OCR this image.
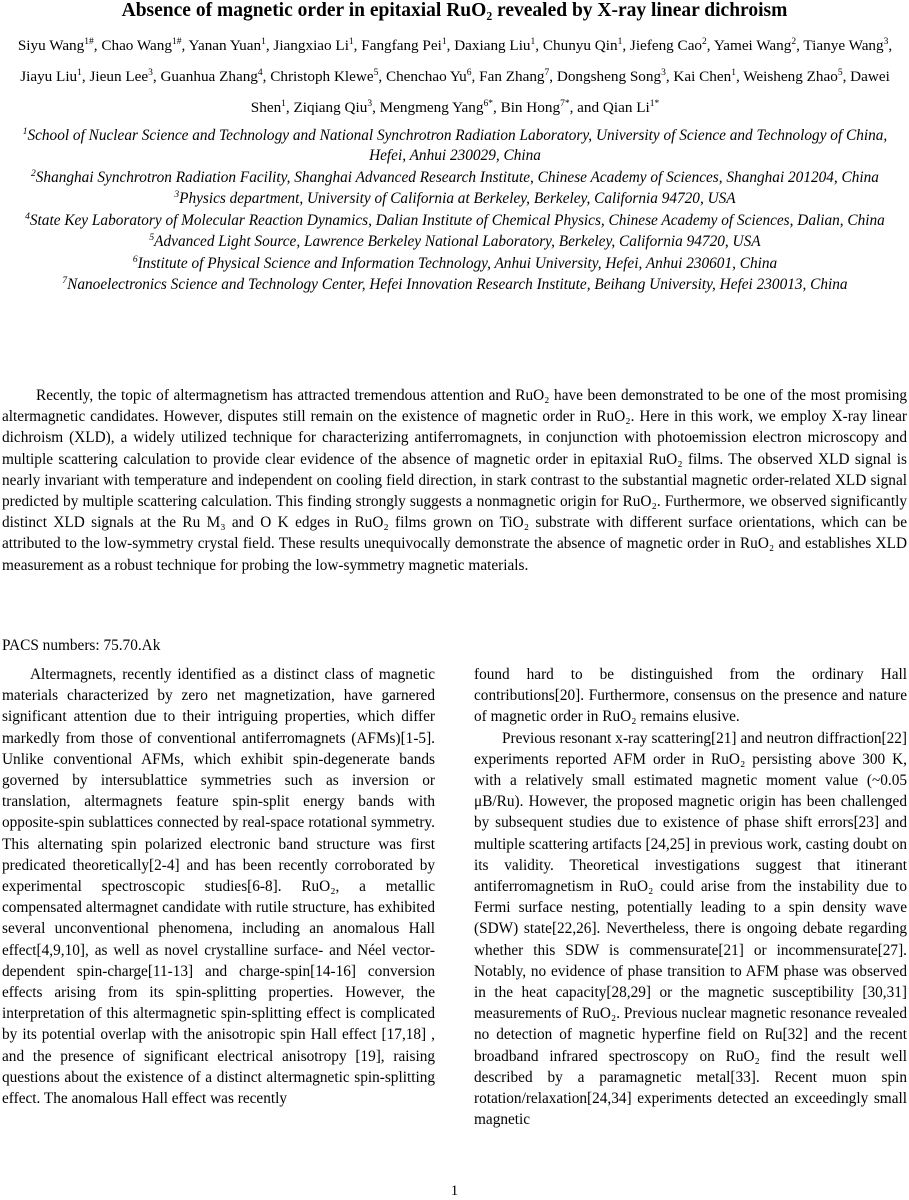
Absence of magnetic order in epitaxial RuO₂ revealed by X-ray linear dichroism
Siyu Wang$^{1\#}$, Chao Wang$^{1\#}$, Yanan Yuan$^1$, Jiangxiao Li$^1$, Fangfang Pei$^1$, Daxiang Liu$^1$, Chunyu Qin$^1$, Jiefeng Cao$^2$, Yamei Wang$^2$, Tianye Wang$^3$, Jiayu Liu$^1$, Jieun Lee$^3$, Guanhua Zhang$^4$, Christoph Klewe$^5$, Chenchao Yu$^6$, Fan Zhang$^7$, Dongsheng Song$^3$, Kai Chen$^1$, Weisheng Zhao$^5$, Dawei Shen$^1$, Ziqiang Qiu$^3$, Mengmeng Yang$^{6*}$, Bin Hong$^{7*}$, and Qian $Li^{1*}$

$^1$School of Nuclear Science and Technology and National Synchrotron Radiation Laboratory, University of Science and Technology of China, Hefei, Anhui 230029, China

$^2$Shanghai Synchrotron Radiation Facility, Shanghai Advanced Research Institute, Chinese Academy of Sciences, Shanghai 201204, China

$^3$Physics department, University of California at Berkeley, Berkeley, California 94720, USA

$^4$State Key Laboratory of Molecular Reaction Dynamics, Dalian Institute of Chemical Physics, Chinese Academy of Sciences, Dalian, China

$^5$Advanced Light Source, Lawrence Berkeley National Laboratory, Berkeley, California 94720, USA

$^6$Institute of Physical Science and Information Technology, Anhui University, Hefei, Anhui 230601, China

$^7$Nanoelectronics Science and Technology Center, Hefei Innovation Research Institute, Beihang University, Hefei 230013, China

Recently, the topic of altermagnetism has attracted tremendous attention and RuO₂ have been demonstrated to be one of the most promising altermagnetic candidates. However, disputes still remain on the existence of magnetic order in RuO₂. Here in this work, we employ X-ray linear dichroism (XLD), a widely utilized technique for characterizing antiferromagnets, in conjunction with photoemission electron microscopy and multiple scattering calculation to provide clear evidence of the absence of magnetic order in epitaxial RuO₂ films. The observed XLD signal is nearly invariant with temperature and independent on cooling field direction, in stark contrast to the substantial magnetic order-related XLD signal predicted by multiple scattering calculation. This finding strongly suggests a nonmagnetic origin for RuO₂. Furthermore, we observed significantly distinct XLD signals at the Ru M₃ and O K edges in RuO₂ films grown on TiO₂ substrate with different surface orientations, which can be attributed to the low-symmetry crystal field. These results unequivocally demonstrate the absence of magnetic order in RuO₂ and establishes XLD measurement as a robust technique for probing the low-symmetry magnetic materials.

PACS numbers: 75.70.Ak

Altermagnets, recently identified as a distinct class of magnetic materials characterized by zero net magnetization, have garnered significant attention due to their intriguing properties, which differ markedly from those of conventional antiferromagnets (AFMs)[1-5]. Unlike conventional AFMs, which exhibit spin-degenerate bands governed by intersublattice symmetries such as inversion or translation, altermagnets feature spin-split energy bands with opposite-spin sublattices connected by real-space rotational symmetry. This alternating spin polarized electronic band structure was first predicated theoretically[2-4] and has been recently corroborated by experimental spectroscopic studies[6-8]. RuO₂, a metallic compensated altermagnet candidate with rutile structure, has exhibited several unconventional phenomena, including an anomalous Hall effect[4,9,10], as well as novel crystalline surface- and Néel vector-dependent spin-charge[11-13] and charge-spin[14-16] conversion effects arising from its spin-splitting properties. However, the interpretation of this altermagnetic spin-splitting effect is complicated by its potential overlap with the anisotropic spin Hall effect [17,18] , and the presence of significant electrical anisotropy [19], raising questions about the existence of a distinct altermagnetic spin-splitting effect. The anomalous Hall effect was recently

found hard to be distinguished from the ordinary Hall contributions[20]. Furthermore, consensus on the presence and nature of magnetic order in RuO₂ remains elusive.

Previous resonant x-ray scattering[21] and neutron diffraction[22] experiments reported AFM order in RuO₂ persisting above 300 K, with a relatively small estimated magnetic moment value (~0.05 μB/Ru). However, the proposed magnetic origin has been challenged by subsequent studies due to existence of phase shift errors[23] and multiple scattering artifacts [24,25] in previous work, casting doubt on its validity. Theoretical investigations suggest that itinerant antiferromagnetism in RuO₂ could arise from the instability due to Fermi surface nesting, potentially leading to a spin density wave (SDW) state[22,26]. Nevertheless, there is ongoing debate regarding whether this SDW is commensurate[21] or incommensurate[27]. Notably, no evidence of phase transition to AFM phase was observed in the heat capacity[28,29] or the magnetic susceptibility [30,31] measurements of RuO₂. Previous nuclear magnetic resonance revealed no detection of magnetic hyperfine field on Ru[32] and the recent broadband infrared spectroscopy on RuO₂ find the result well described by a paramagnetic metal[33]. Recent muon spin rotation/relaxation[24,34] experiments detected an exceedingly small magnetic

1
